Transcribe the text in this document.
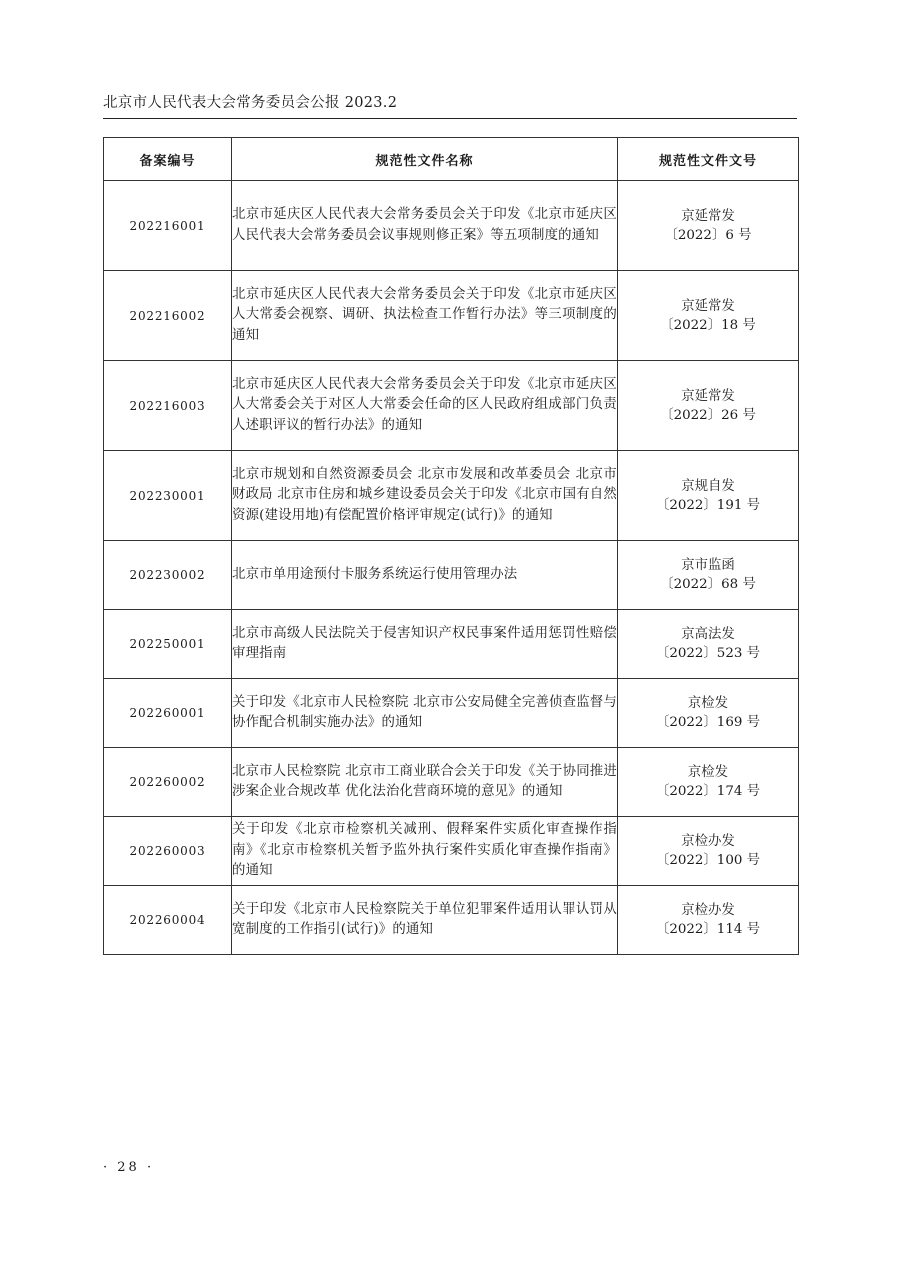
北京市人民代表大会常务委员会公报 2023.2
备案编号	规范性文件名称	规范性文件文号
202216001	北京市延庆区人民代表大会常务委员会关于印发《北京市延庆区人民代表大会常务委员会议事规则修正案》等五项制度的通知	京延常发
〔2022〕6 号

202216002	北京市延庆区人民代表大会常务委员会关于印发《北京市延庆区人大常委会视察、调研、执法检查工作暂行办法》等三项制度的通知	京延常发
〔2022〕18 号

202216003	北京市延庆区人民代表大会常务委员会关于印发《北京市延庆区人大常委会关于对区人大常委会任命的区人民政府组成部门负责人述职评议的暂行办法》的通知	京延常发
〔2022〕26 号

202230001	北京市规划和自然资源委员会 北京市发展和改革委员会 北京市财政局 北京市住房和城乡建设委员会关于印发《北京市国有自然资源(建设用地)有偿配置价格评审规定(试行)》的通知	京规自发
〔2022〕191 号

202230002	北京市单用途预付卡服务系统运行使用管理办法	京市监函
〔2022〕68 号

202250001	北京市高级人民法院关于侵害知识产权民事案件适用惩罚性赔偿审理指南	京高法发
〔2022〕523 号

202260001	关于印发《北京市人民检察院 北京市公安局健全完善侦查监督与协作配合机制实施办法》的通知	京检发
〔2022〕169 号

202260002	北京市人民检察院 北京市工商业联合会关于印发《关于协同推进涉案企业合规改革 优化法治化营商环境的意见》的通知	京检发
〔2022〕174 号

202260003	关于印发《北京市检察机关减刑、假释案件实质化审查操作指南》《北京市检察机关暂予监外执行案件实质化审查操作指南》的通知	京检办发
〔2022〕100 号

202260004	关于印发《北京市人民检察院关于单位犯罪案件适用认罪认罚从宽制度的工作指引(试行)》的通知	京检办发
〔2022〕114 号
· 28 ·
